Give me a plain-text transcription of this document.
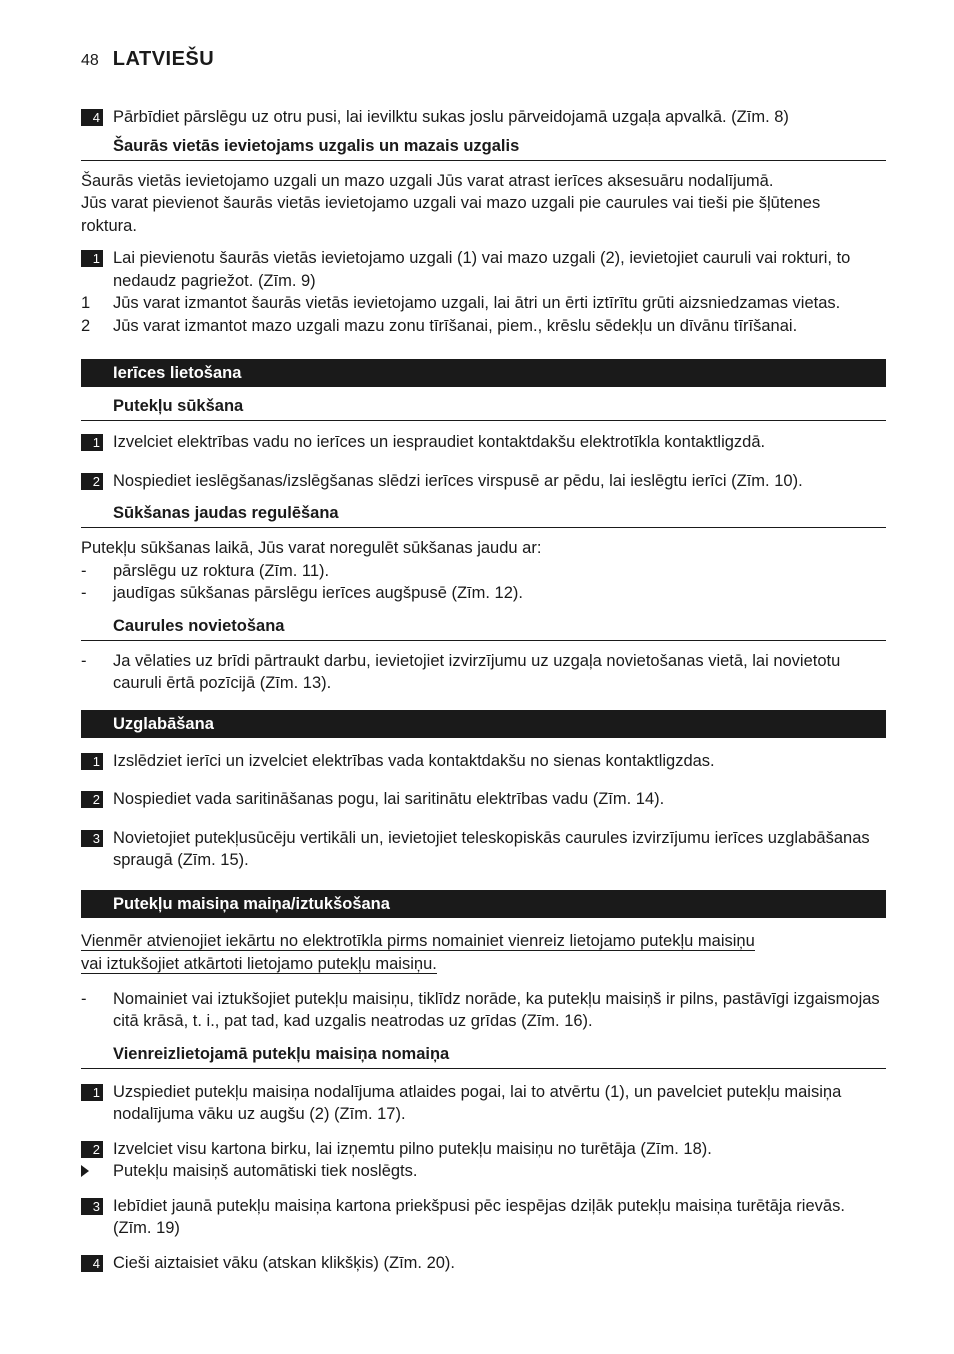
48 LATVIEŠU
4 Pārbīdiet pārslēgu uz otru pusi, lai ievilktu sukas joslu pārveidojamā uzgaļa apvalkā. (Zīm. 8)
Šaurās vietās ievietojams uzgalis un mazais uzgalis
Šaurās vietās ievietojamo uzgali un mazo uzgali Jūs varat atrast ierīces aksesuāru nodalījumā.
Jūs varat pievienot šaurās vietās ievietojamo uzgali vai mazo uzgali pie caurules vai tieši pie šļūtenes
roktura.
1 Lai pievienotu šaurās vietās ievietojamo uzgali (1) vai mazo uzgali (2), ievietojiet cauruli vai rokturi, to nedaudz pagriežot. (Zīm. 9)
1 Jūs varat izmantot šaurās vietās ievietojamo uzgali, lai ātri un ērti iztīrītu grūti aizsniedzamas vietas.
2 Jūs varat izmantot mazo uzgali mazu zonu tīrīšanai, piem., krēslu sēdekļu un dīvānu tīrīšanai.
Ierīces lietošana
Putekļu sūkšana
1 Izvelciet elektrības vadu no ierīces un iespraudiet kontaktdakšu elektrotīkla kontaktligzdā.
2 Nospiediet ieslēgšanas/izslēgšanas slēdzi ierīces virspusē ar pēdu, lai ieslēgtu ierīci (Zīm. 10).
Sūkšanas jaudas regulēšana
Putekļu sūkšanas laikā, Jūs varat noregulēt sūkšanas jaudu ar:
- pārslēgu uz roktura (Zīm. 11).
- jaudīgas sūkšanas pārslēgu ierīces augšpusē (Zīm. 12).
Caurules novietošana
- Ja vēlaties uz brīdi pārtraukt darbu, ievietojiet izvirzījumu uz uzgaļa novietošanas vietā, lai novietotu cauruli ērtā pozīcijā (Zīm. 13).
Uzglabāšana
1 Izslēdziet ierīci un izvelciet elektrības vada kontaktdakšu no sienas kontaktligzdas.
2 Nospiediet vada saritināšanas pogu, lai saritinātu elektrības vadu (Zīm. 14).
3 Novietojiet putekļusūcēju vertikāli un, ievietojiet teleskopiskās caurules izvirzījumu ierīces uzglabāšanas spraugā (Zīm. 15).
Putekļu maisiņa maiņa/iztukšošana
Vienmēr atvienojiet iekārtu no elektrotīkla pirms nomainiet vienreiz lietojamo putekļu maisiņu
vai iztukšojiet atkārtoti lietojamo putekļu maisiņu.
- Nomainiet vai iztukšojiet putekļu maisiņu, tiklīdz norāde, ka putekļu maisiņš ir pilns, pastāvīgi izgaismojas citā krāsā, t. i., pat tad, kad uzgalis neatrodas uz grīdas (Zīm. 16).
Vienreizlietojamā putekļu maisiņa nomaiņa
1 Uzspiediet putekļu maisiņa nodalījuma atlaides pogai, lai to atvērtu (1), un pavelciet putekļu maisiņa nodalījuma vāku uz augšu (2) (Zīm. 17).
2 Izvelciet visu kartona birku, lai izņemtu pilno putekļu maisiņu no turētāja (Zīm. 18).
Putekļu maisiņš automātiski tiek noslēgts.
3 Iebīdiet jaunā putekļu maisiņa kartona priekšpusi pēc iespējas dziļāk putekļu maisiņa turētāja rievās. (Zīm. 19)
4 Cieši aiztaisiet vāku (atskan klikšķis) (Zīm. 20).
